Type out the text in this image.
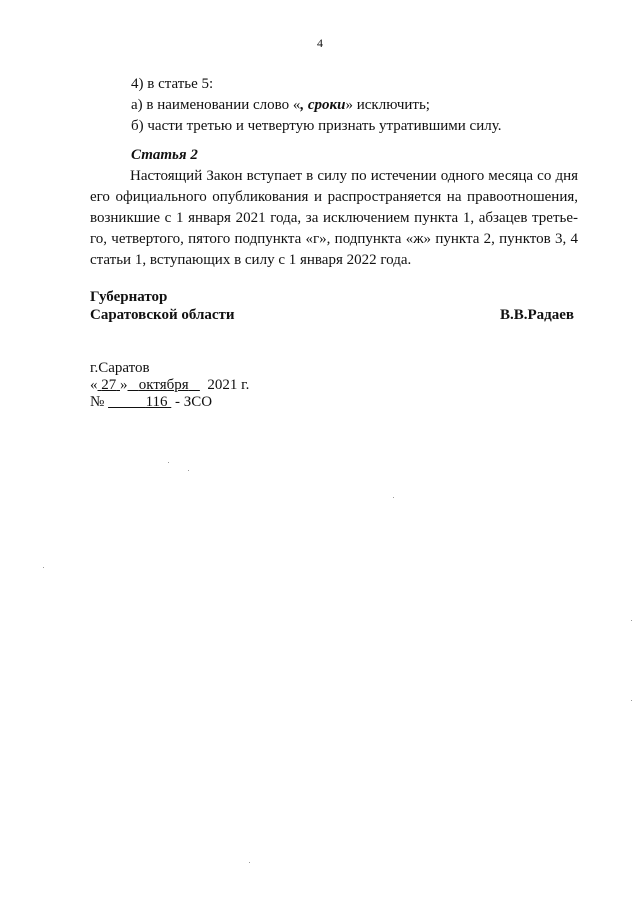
4
4) в статье 5:
а) в наименовании слово «, сроки» исключить;
б) части третью и четвертую признать утратившими силу.
Статья 2
Настоящий Закон вступает в силу по истечении одного месяца со дня
его официального опубликования и распространяется на правоотношения,
возникшие с 1 января 2021 года, за исключением пункта 1, абзацев третье-
го, четвертого, пятого подпункта «г», подпункта «ж» пункта 2, пунктов 3, 4
статьи 1, вступающих в силу с 1 января 2022 года.
Губернатор
Саратовской области	В.В.Радаев
г.Саратов
« 27 » октября 2021 г.
№	116 - ЗСО
